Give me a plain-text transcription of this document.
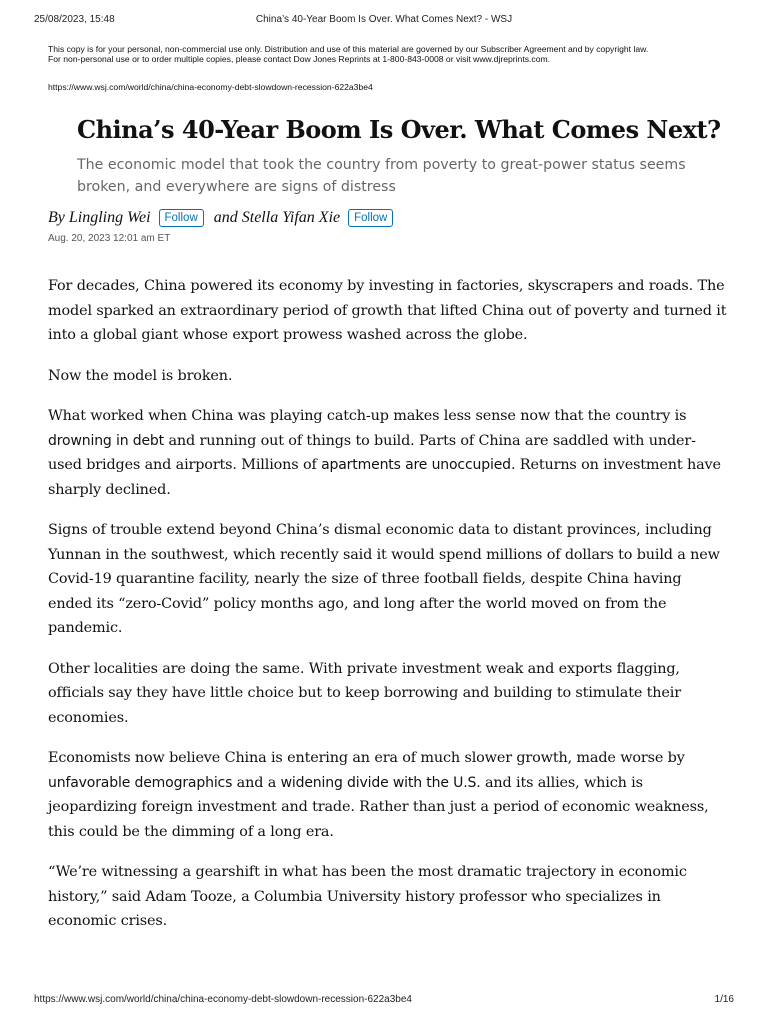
25/08/2023, 15:48	China’s 40-Year Boom Is Over. What Comes Next? - WSJ
This copy is for your personal, non-commercial use only. Distribution and use of this material are governed by our Subscriber Agreement and by copyright law.
For non-personal use or to order multiple copies, please contact Dow Jones Reprints at 1-800-843-0008 or visit www.djreprints.com.
https://www.wsj.com/world/china/china-economy-debt-slowdown-recession-622a3be4
China’s 40-Year Boom Is Over. What Comes Next?

The economic model that took the country from poverty to great-power status seems broken, and everywhere are signs of distress

By
Lingling Wei	Follow	and
Stella Yifan Xie	Follow
Aug. 20, 2023 12:01 am ET

For decades, China powered its economy by investing in factories, skyscrapers and roads. The model sparked an extraordinary period of growth that lifted China out of poverty and turned it into a global giant whose export prowess washed across the globe.

Now the model is broken.

What worked when China was playing catch-up makes less sense now that the country is drowning in debt and running out of things to build. Parts of China are saddled with under-used bridges and airports. Millions of apartments are unoccupied. Returns on investment have sharply declined.

Signs of trouble extend beyond China’s dismal economic data to distant provinces, including Yunnan in the southwest, which recently said it would spend millions of dollars to build a new Covid-19 quarantine facility, nearly the size of three football fields, despite China having ended its “zero-Covid” policy months ago, and long after the world moved on from the pandemic.

Other localities are doing the same. With private investment weak and exports flagging, officials say they have little choice but to keep borrowing and building to stimulate their economies.

Economists now believe China is entering an era of much slower growth, made worse by unfavorable demographics and a widening divide with the U.S. and its allies, which is jeopardizing foreign investment and trade. Rather than just a period of economic weakness, this could be the dimming of a long era.

“We’re witnessing a gearshift in what has been the most dramatic trajectory in economic history,” said Adam Tooze, a Columbia University history professor who specializes in economic crises.

https://www.wsj.com/world/china/china-economy-debt-slowdown-recession-622a3be4	1/16
